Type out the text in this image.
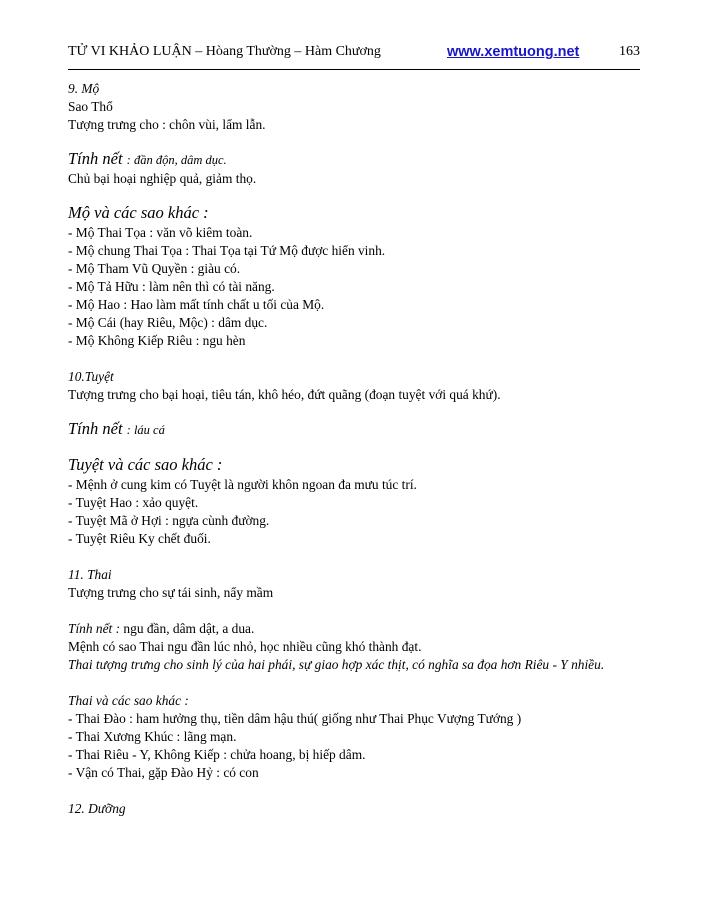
TỬ VI KHẢO LUẬN – Hòang Thường – Hàm Chương	www.xemtuong.net	163
9. Mộ
Sao Thổ
Tượng trưng cho : chôn vùi, lẩm lẫn.
Tính nết : đần độn, dâm dục.
Chủ bại hoại nghiệp quả, giảm thọ.
Mộ và các sao khác :
- Mộ Thai Tọa : văn võ kiêm toàn.
- Mộ chung Thai Tọa : Thai Tọa tại Tứ Mộ được hiển vinh.
- Mộ Tham Vũ Quyền : giàu có.
- Mộ Tả Hữu : làm nên thì có tài năng.
- Mộ Hao : Hao làm mất tính chất u tối của Mộ.
- Mộ Cái (hay Riêu, Mộc) : dâm dục.
- Mộ Không Kiếp Riêu : ngu hèn
10.Tuyệt
Tượng trưng cho bại hoại, tiêu tán, khô héo, đứt quãng (đoạn tuyệt với quá khứ).
Tính nết : láu cá
Tuyệt và các sao khác :
- Mệnh ở cung kim có Tuyệt là người khôn ngoan đa mưu túc trí.
- Tuyệt Hao : xảo quyệt.
- Tuyệt Mã ở Hợi : ngựa cùnh đường.
- Tuyệt Riêu Ky chết đuối.
11. Thai
Tượng trưng cho sự tái sinh, nẩy mầm
Tính nết : ngu đần, dâm dật, a dua.
Mệnh có sao Thai ngu đần lúc nhỏ, học nhiều cũng khó thành đạt.
Thai tượng trưng cho sinh lý của hai phái, sự giao hợp xác thịt, có nghĩa sa đọa hơn Riêu - Y nhiều.
Thai và các sao khác :
- Thai Đào : ham hưởng thụ, tiền dâm hậu thú( giống như Thai Phục Vượng Tướng )
- Thai Xương Khúc : lãng mạn.
- Thai Riêu - Y, Không Kiếp : chửa hoang, bị hiếp dâm.
- Vận có Thai, gặp Đào Hỷ : có con
12. Dưỡng
